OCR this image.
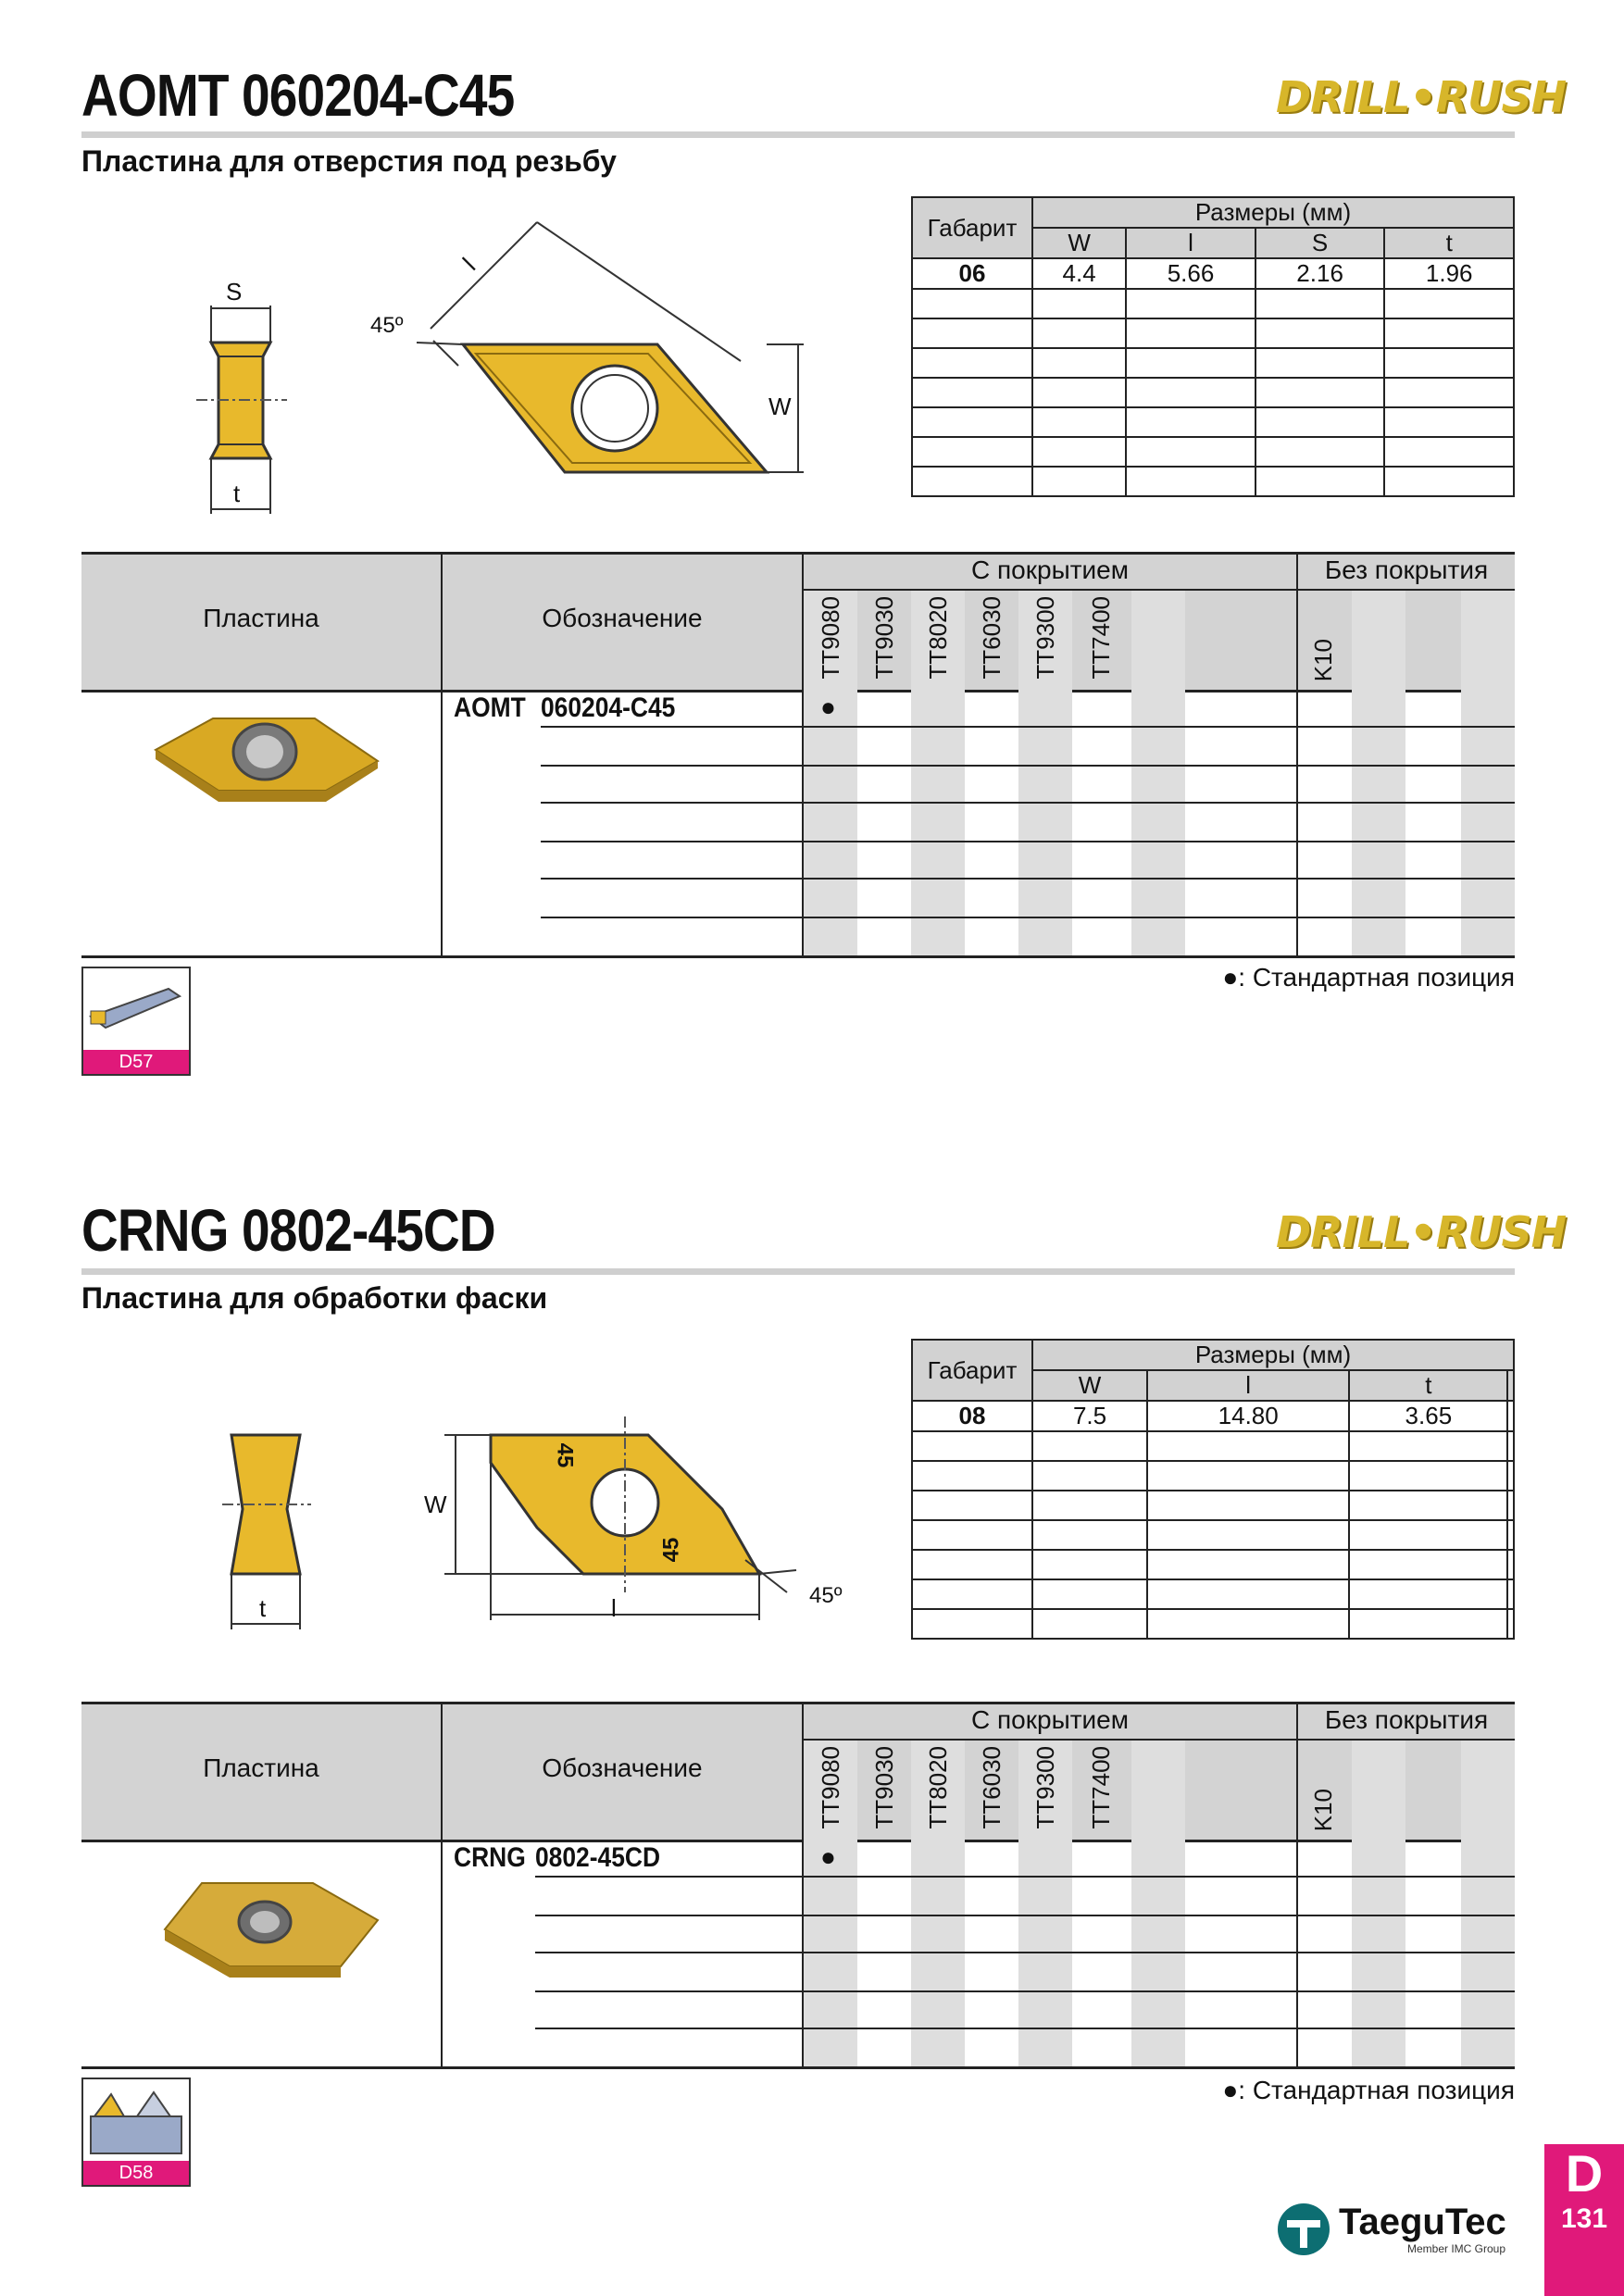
AOMT 060204-C45	DRILL•RUSH
Пластина для отверстия под резьбу
S
t
l
W
45º
Габарит	Размеры (мм)			
	W	l	S	t
06	4.4	5.66	2.16	1.96

Пластина	Обозначение
С покрытием	Без покрытия
TT9080 TT9030 TT8020 TT6030 TT9300 TT7400	K10
AOMT 060204-C45	●
D57
●: Стандартная позиция
CRNG 0802-45CD	DRILL•RUSH
Пластина для обработки фаски
t	l
W
45º
45
45
Габарит	Размеры (мм)			
	W	l	t	
08	7.5	14.80	3.65	

Пластина	Обозначение
С покрытием	Без покрытия
TT9080 TT9030 TT8020 TT6030 TT9300 TT7400	K10
CRNG 0802-45CD	●
D58
●: Стандартная позиция
TaeguTec
Member IMC Group
D
131
